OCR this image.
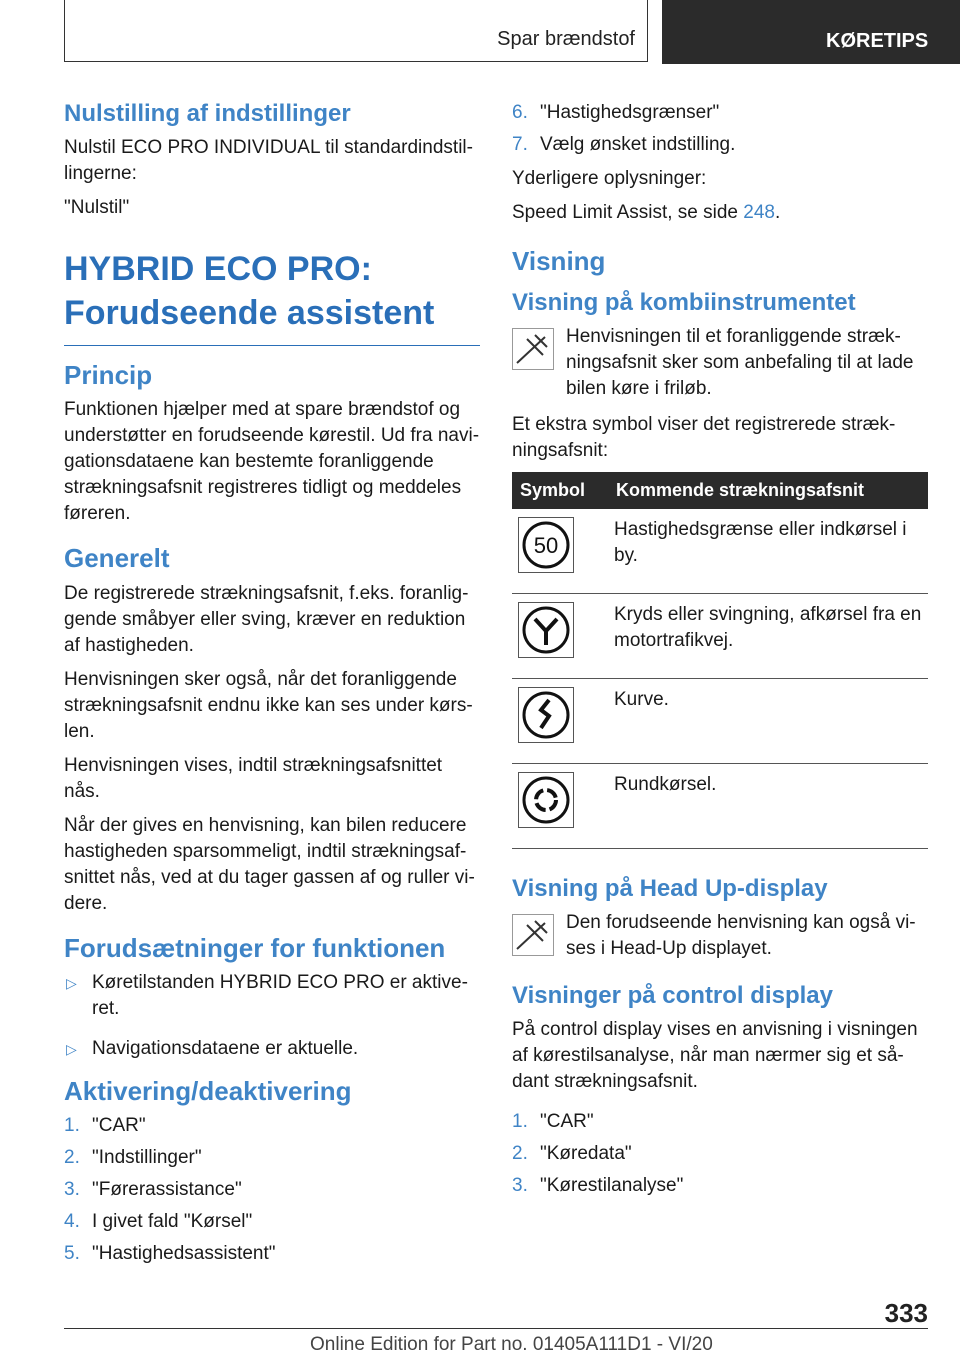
Spar brændstof	KØRETIPS
Nulstilling af indstillinger

Nulstil ECO PRO INDIVIDUAL til standardindstil-lingerne:

"Nulstil"

HYBRID ECO PRO: Forudseende assistent
Princip

Funktionen hjælper med at spare brændstof og understøtter en forudseende kørestil. Ud fra navi-gationsdataene kan bestemte foranliggende strækningsafsnit registreres tidligt og meddeles føreren.

Generelt

De registrerede strækningsafsnit, f.eks. foranlig-gende småbyer eller sving, kræver en reduktion af hastigheden.

Henvisningen sker også, når det foranliggende strækningsafsnit endnu ikke kan ses under kørs-len.

Henvisningen vises, indtil strækningsafsnittet nås.

Når der gives en henvisning, kan bilen reducere hastigheden sparsommeligt, indtil strækningsaf-snittet nås, ved at du tager gassen af og ruller vi-dere.

Forudsætninger for funktionen
▷ Køretilstanden HYBRID ECO PRO er aktive-ret.
▷ Navigationsdataene er aktuelle.
Aktivering/deaktivering
1. "CAR"
2. "Indstillinger"
3. "Førerassistance"
4. I givet fald "Kørsel"
5. "Hastighedsassistent"
6. "Hastighedsgrænser"
7. Vælg ønsket indstilling.

Yderligere oplysninger:

Speed Limit Assist, se side 248.

Visning
Visning på kombiinstrumentet
Henvisningen til et foranliggende stræk-ningsafsnit sker som anbefaling til at lade bilen køre i friløb.

Et ekstra symbol viser det registrerede stræk-ningsafsnit:

Symbol	Kommende strækningsafsnit

50	Hastighedsgrænse eller indkørsel i by.
	Kryds eller svingning, afkørsel fra en motortrafikvej.
	Kurve.
	Rundkørsel.
Visning på Head Up-display
Den forudseende henvisning kan også vi-ses i Head-Up displayet.
Visninger på control display

På control display vises en anvisning i visningen af kørestilsanalyse, når man nærmer sig et så-dant strækningsafsnit.

1. "CAR"
2. "Køredata"
3. "Kørestilanalyse"
333
Online Edition for Part no. 01405A111D1 - VI/20
